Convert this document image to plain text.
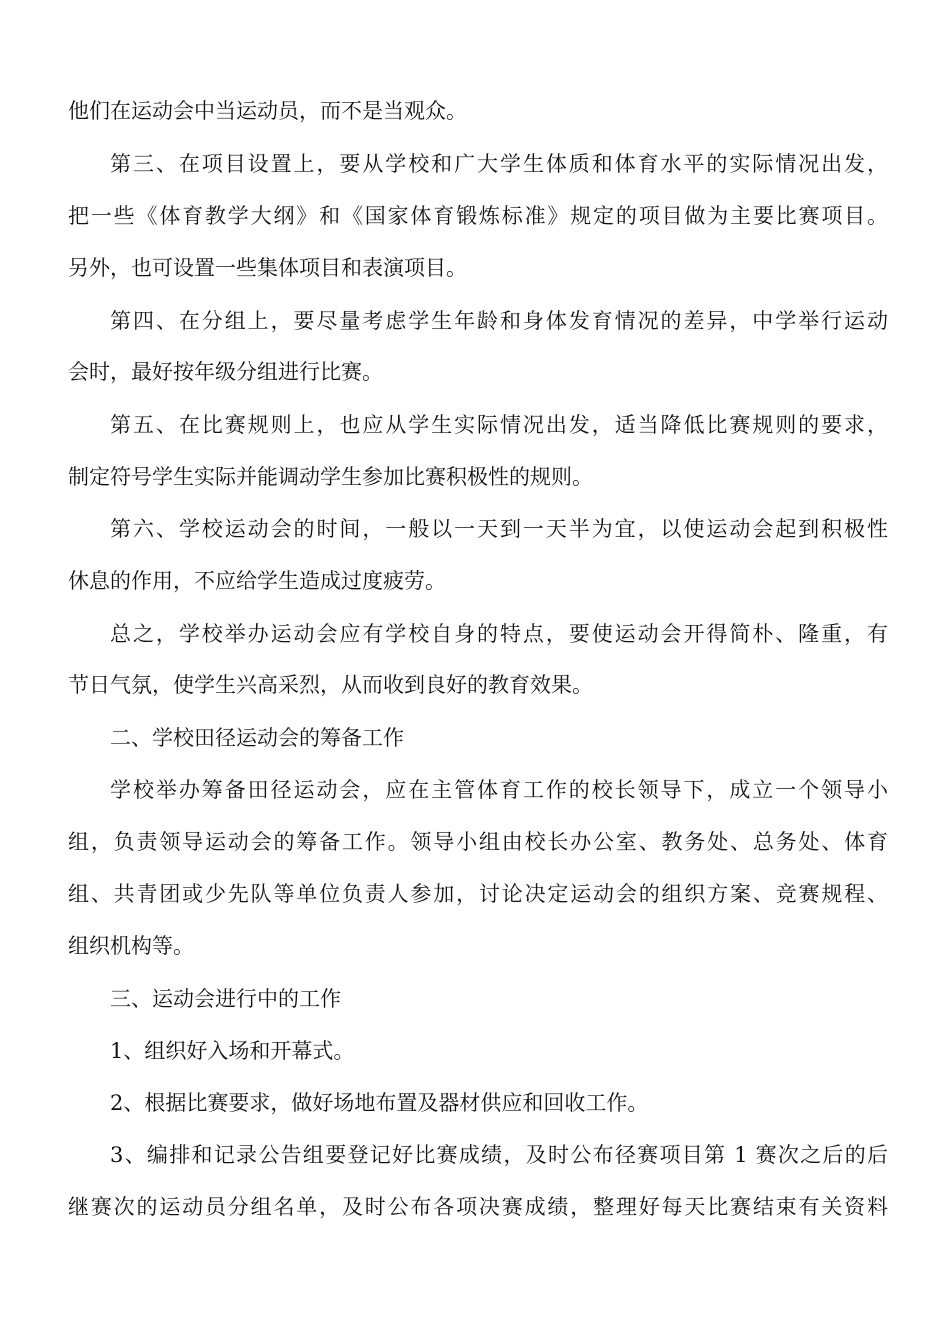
他们在运动会中当运动员，而不是当观众。
第三、在项目设置上，要从学校和广大学生体质和体育水平的实际情况出发，
把一些《体育教学大纲》和《国家体育锻炼标准》规定的项目做为主要比赛项目。
另外，也可设置一些集体项目和表演项目。
第四、在分组上，要尽量考虑学生年龄和身体发育情况的差异，中学举行运动
会时，最好按年级分组进行比赛。
第五、在比赛规则上，也应从学生实际情况出发，适当降低比赛规则的要求，
制定符号学生实际并能调动学生参加比赛积极性的规则。
第六、学校运动会的时间，一般以一天到一天半为宜，以使运动会起到积极性
休息的作用，不应给学生造成过度疲劳。
总之，学校举办运动会应有学校自身的特点，要使运动会开得简朴、隆重，有
节日气氛，使学生兴高采烈，从而收到良好的教育效果。
二、学校田径运动会的筹备工作
学校举办筹备田径运动会，应在主管体育工作的校长领导下，成立一个领导小
组，负责领导运动会的筹备工作。领导小组由校长办公室、教务处、总务处、体育
组、共青团或少先队等单位负责人参加，讨论决定运动会的组织方案、竞赛规程、
组织机构等。
三、运动会进行中的工作
1、组织好入场和开幕式。
2、根据比赛要求，做好场地布置及器材供应和回收工作。
3、编排和记录公告组要登记好比赛成绩，及时公布径赛项目第 1 赛次之后的后
继赛次的运动员分组名单，及时公布各项决赛成绩，整理好每天比赛结束有关资料
